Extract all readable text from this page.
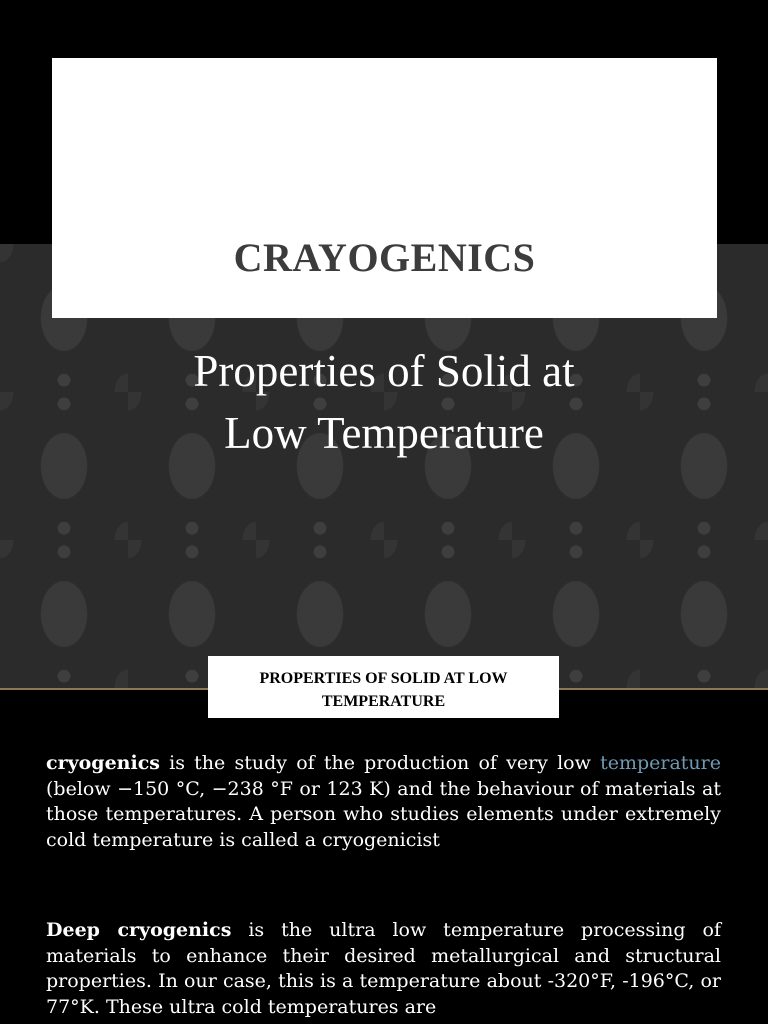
CRAYOGENICS
Properties of Solid at
Low Temperature
PROPERTIES OF SOLID AT LOW
TEMPERATURE
cryogenics is the study of the production of very low temperature (below −150 °C, −238 °F or 123 K) and the behaviour of materials at those temperatures. A person who studies elements under extremely cold temperature is called a cryogenicist
Deep cryogenics is the ultra low temperature processing of materials to enhance their desired metallurgical and structural properties. In our case, this is a temperature about -320°F, -196°C, or 77°K. These ultra cold temperatures are
